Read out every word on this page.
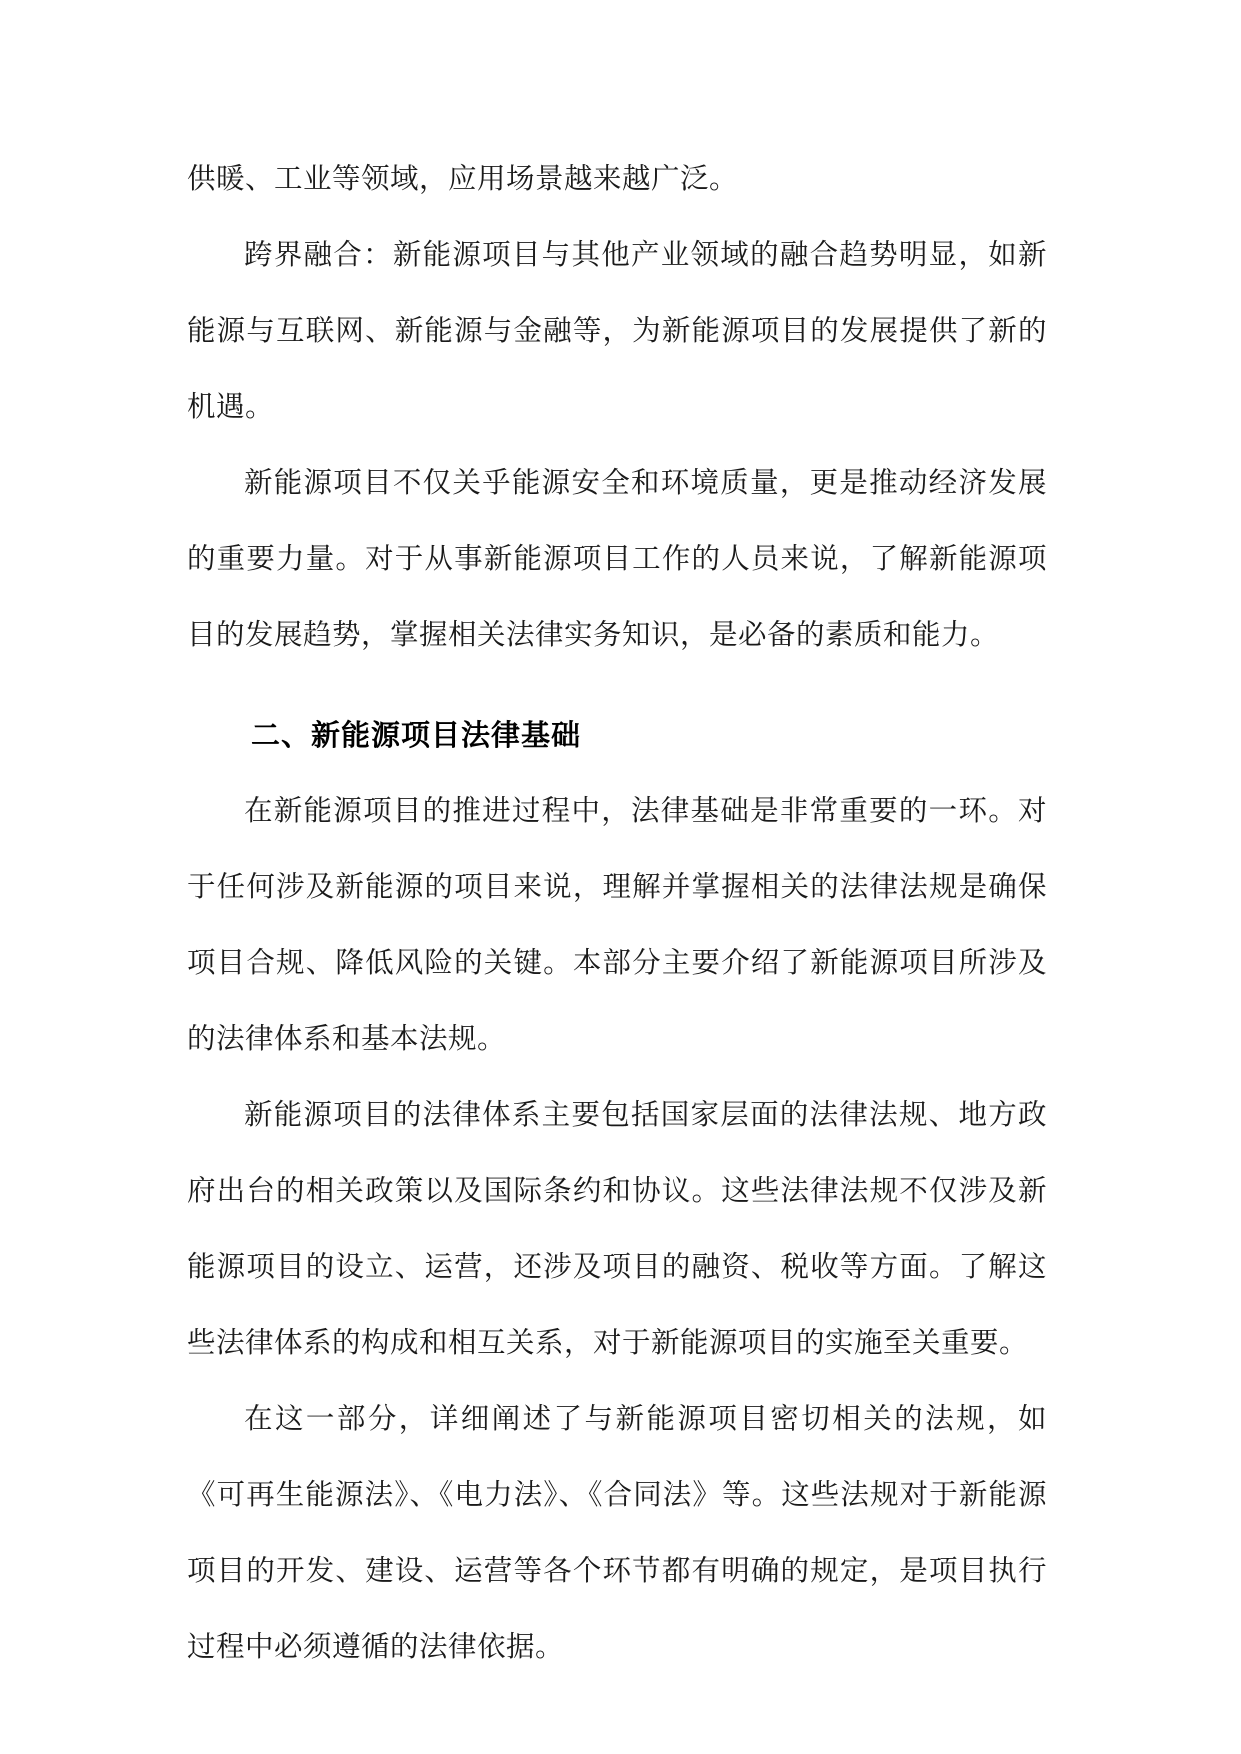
供暖、工业等领域，应用场景越来越广泛。

跨界融合：新能源项目与其他产业领域的融合趋势明显，如新能源与互联网、新能源与金融等，为新能源项目的发展提供了新的机遇。

新能源项目不仅关乎能源安全和环境质量，更是推动经济发展的重要力量。对于从事新能源项目工作的人员来说，了解新能源项目的发展趋势，掌握相关法律实务知识，是必备的素质和能力。

二、新能源项目法律基础

在新能源项目的推进过程中，法律基础是非常重要的一环。对于任何涉及新能源的项目来说，理解并掌握相关的法律法规是确保项目合规、降低风险的关键。本部分主要介绍了新能源项目所涉及的法律体系和基本法规。

新能源项目的法律体系主要包括国家层面的法律法规、地方政府出台的相关政策以及国际条约和协议。这些法律法规不仅涉及新能源项目的设立、运营，还涉及项目的融资、税收等方面。了解这些法律体系的构成和相互关系，对于新能源项目的实施至关重要。

在这一部分，详细阐述了与新能源项目密切相关的法规，如《可再生能源法》、《电力法》、《合同法》等。这些法规对于新能源项目的开发、建设、运营等各个环节都有明确的规定，是项目执行过程中必须遵循的法律依据。
